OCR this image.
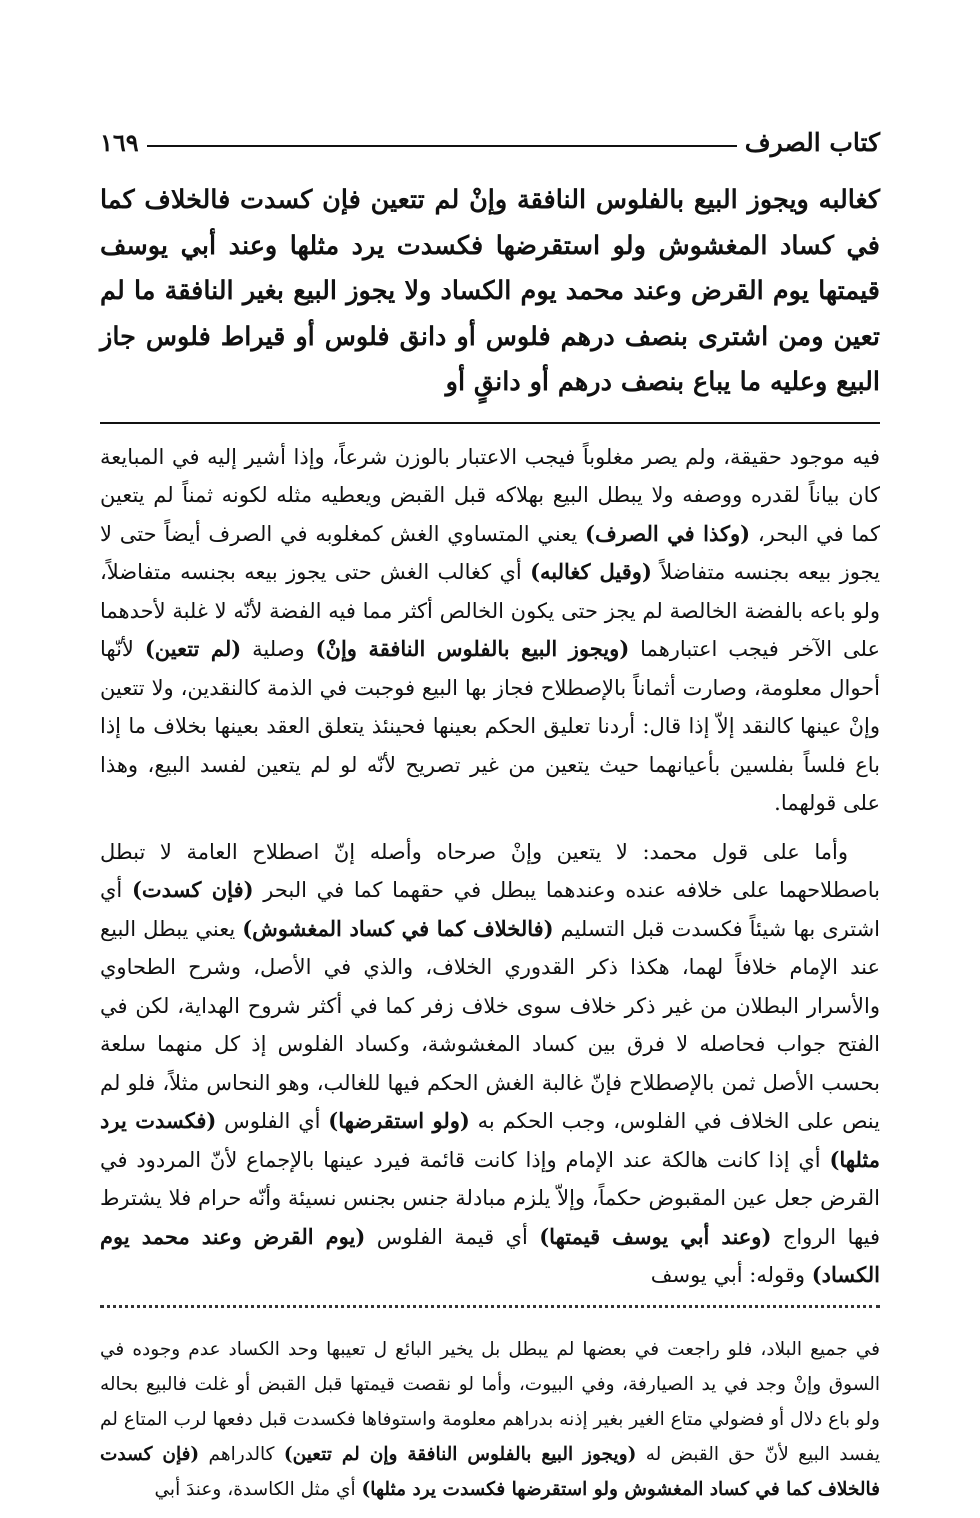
كتاب الصرف
١٦٩
كغالبه ويجوز البيع بالفلوس النافقة وإنْ لم تتعين فإن كسدت فالخلاف كما في كساد المغشوش ولو استقرضها فكسدت يرد مثلها وعند أبي يوسف قيمتها يوم القرض وعند محمد يوم الكساد ولا يجوز البيع بغير النافقة ما لم تعين ومن اشترى بنصف درهم فلوس أو دانق فلوس أو قيراط فلوس جاز البيع وعليه ما يباع بنصف درهم أو دانقٍ أو

فيه موجود حقيقة، ولم يصر مغلوباً فيجب الاعتبار بالوزن شرعاً، وإذا أشير إليه في المبايعة كان بياناً لقدره ووصفه ولا يبطل البيع بهلاكه قبل القبض ويعطيه مثله لكونه ثمناً لم يتعين كما في البحر، (وكذا في الصرف) يعني المتساوي الغش كمغلوبه في الصرف أيضاً حتى لا يجوز بيعه بجنسه متفاضلاً (وقيل كغالبه) أي كغالب الغش حتى يجوز بيعه بجنسه متفاضلاً، ولو باعه بالفضة الخالصة لم يجز حتى يكون الخالص أكثر مما فيه الفضة لأنّه لا غلبة لأحدهما على الآخر فيجب اعتبارهما (ويجوز البيع بالفلوس النافقة وإنْ) وصلية (لم تتعين) لأنّها أحوال معلومة، وصارت أثماناً بالإصطلاح فجاز بها البيع فوجبت في الذمة كالنقدين، ولا تتعين وإنْ عينها كالنقد إلاّ إذا قال: أردنا تعليق الحكم بعينها فحينئذ يتعلق العقد بعينها بخلاف ما إذا باع فلساً بفلسين بأعيانهما حيث يتعين من غير تصريح لأنّه لو لم يتعين لفسد البيع، وهذا على قولهما.

وأما على قول محمد: لا يتعين وإنْ صرحاه وأصله إنّ اصطلاح العامة لا تبطل باصطلاحهما على خلافه عنده وعندهما يبطل في حقهما كما في البحر (فإن كسدت) أي اشترى بها شيئاً فكسدت قبل التسليم (فالخلاف كما في كساد المغشوش) يعني يبطل البيع عند الإمام خلافاً لهما، هكذا ذكر القدوري الخلاف، والذي في الأصل، وشرح الطحاوي والأسرار البطلان من غير ذكر خلاف سوى خلاف زفر كما في أكثر شروح الهداية، لكن في الفتح جواب فحاصله لا فرق بين كساد المغشوشة، وكساد الفلوس إذ كل منهما سلعة بحسب الأصل ثمن بالإصطلاح فإنّ غالبة الغش الحكم فيها للغالب، وهو النحاس مثلاً، فلو لم ينص على الخلاف في الفلوس، وجب الحكم به (ولو استقرضها) أي الفلوس (فكسدت يرد مثلها) أي إذا كانت هالكة عند الإمام وإذا كانت قائمة فيرد عينها بالإجماع لأنّ المردود في القرض جعل عين المقبوض حكماً، وإلاّ يلزم مبادلة جنس بجنس نسيئة وأنّه حرام فلا يشترط فيها الرواج (وعند أبي يوسف قيمتها) أي قيمة الفلوس (يوم القرض وعند محمد يوم الكساد) وقوله: أبي يوسف

في جميع البلاد، فلو راجعت في بعضها لم يبطل بل يخير البائع ل تعيبها وحد الكساد عدم وجوده في السوق وإنْ وجد في يد الصيارفة، وفي البيوت، وأما لو نقصت قيمتها قبل القبض أو غلت فالبيع بحاله ولو باع دلال أو فضولي متاع الغير بغير إذنه بدراهم معلومة واستوفاها فكسدت قبل دفعها لرب المتاع لم يفسد البيع لأنّ حق القبض له (ويجوز البيع بالفلوس النافقة وإن لم تتعين) كالدراهم (فإن كسدت فالخلاف كما في كساد المغشوش ولو استقرضها فكسدت يرد مثلها) أي مثل الكاسدة، وعندَ أبي
